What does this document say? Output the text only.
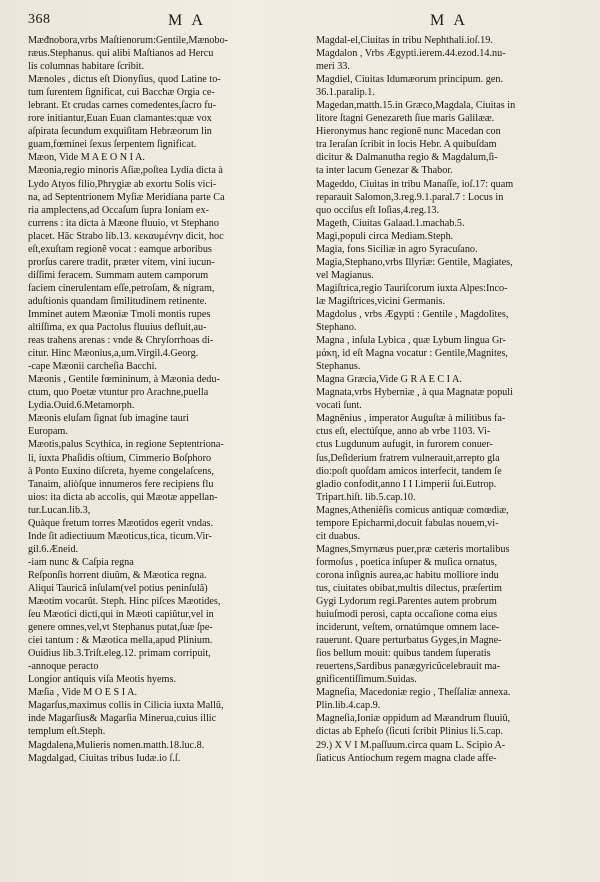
368	M A	M A
Mæᵭnobora,vrbs Maſtienorum:Gentile,Mænobo-
ræus.Stephanus. qui alibi Maſtianos ad Hercu
lis columnas habitare ſcribit.
Mænoles , dictus eſt Dionyſius, quod Latine to-
tum ſurentem ſignificat, cui Bacchæ Orgia ce-
lebrant. Et crudas carnes comedentes,ſacro fu-
rore initiantur,Euan Euan clamantes:quæ vox
aſpirata ſecundum exquiſitam Hebræorum lin
guam,fœminei ſexus ſerpentem ſignificat.
Mæon, Vide M A E O N I A.
Mæonia,regio minoris Aſiæ,poſtea Lydia dicta à
Lydo Atyos filio,Phrygiæ ab exortu Solis vici-
na, ad Septentrionem Myſiæ Meridiana parte Ca
ria amplectens,ad Occaſum ſupra Ioniam ex-
currens : ita dicta à Mæone fluuio, vt Stephano
placet. Hãc Strabo lib.13. κεκαυμένην dicit, hoc
eſt,exuſtam regionẽ vocat : eamque arboribus
prorſus carere tradit, præter vitem, vini iucun-
diſſimi feracem. Summam autem camporum
faciem cinerulentam eſſe,petroſam, & nigram,
aduſtionis quandam ſimilitudinem retinente.
Imminet autem Mæoniæ Tmoli montis rupes
altiſſima, ex qua Pactolus fluuius defluit,au-
reas trahens arenas : vnde & Chryſorrhoas di-
citur. Hinc Mæonius,a,um.Virgil.4.Georg.
-cape Mæonii carcheſia Bacchi.
Mæonis , Gentile fœmininum, à Mæonia dedu-
ctum, quo Poetæ vtuntur pro Arachne,puella
Lydia.Ouid.6.Metamorph.
Mæonis eluſam ſignat ſub imagine tauri
Europam.
Mæotis,palus Scythica, in regione Septentriona-
li, iuxta Phaſidis oſtium, Cimmerio Boſphoro
à Ponto Euxino diſcreta, hyeme congelaſcens,
Tanaim, aliòſque innumeros fere recipiens flu
uios: ita dicta ab accolis, qui Mæotæ appellan-
tur.Lucan.lib.3,
Quàque fretum torres Mæotidos egerit vndas.
Inde ſit adiectiuum Mæoticus,tica, ticum.Vir-
gil.6.Æneid.
-iam nunc & Caſpia regna
Reſponſis horrent diuûm, & Mæotica regna.
Aliqui Tauricã inſulam(vel potius peninſulã)
Mæotim vocarũt. Steph. Hinc piſces Mæotides,
ſeu Mæotici dicti,qui in Mæoti capiũtur,vel in
genere omnes,vel,vt Stephanus putat,ſuæ ſpe-
ciei tantum : & Mæotica mella,apud Plinium.
Ouidius lib.3.Triſt.eleg.12. primam corripuit,
-annoque peracto
Longior antiquis viſa Meotis hyems.
Mæſia , Vide M O E S I A.
Magarſus,maximus collis in Cilicia iuxta Mallũ,
inde Magarſius& Magarſia Minerua,cuius illic
templum eſt.Steph.
Magdalena,Mulieris nomen.matth.18.luc.8.
Magdalgad, Ciuitas tribus Iudæ.io ſ.ſ.
Magdal-el,Ciuitas in tribu Nephthali.ioſ.19.
Magdalon , Vrbs Ægypti.ierem.44.ezod.14.nu-
meri 33.
Magdiel, Ciuitas Idumæorum principum. gen.
36.1.paralip.1.
Magedan,matth.15.in Græco,Magdala, Ciuitas in
litore ſtagni Genezareth ſiue maris Galilææ.
Hieronymus hanc regionẽ nunc Macedan con
tra Ieraſan ſcribit in locis Hebr. A quibuſdam
dicitur & Dalmanutha regio & Magdalum,ſi-
ta inter lacum Genezar & Thabor.
Mageddo, Ciuitas in tribu Manaſſe, ioſ.17: quam
reparauit Salomon,3.reg.9.1.paral.7 : Locus in
quo occiſus eſt Ioſias,4.reg.13.
Mageth, Ciuitas Galaad.1.machab.5.
Magi,populi circa Mediam.Steph.
Magia, fons Siciliæ in agro Syracuſano.
Magia,Stephano,vrbs Illyriæ: Gentile, Magiates,
vel Magianus.
Magiſtrica,regio Tauriſcorum iuxta Alpes:Inco-
læ Magiſtrices,vicini Germanis.
Magdolus , vrbs Ægypti : Gentile , Magdolites,
Stephano.
Magna , inſula Lybica , quæ Lybum lingua Gr-
μάκη, id eſt Magna vocatur : Gentile,Magnites,
Stephanus.
Magna Græcia,Vide G R A E C I A.
Magnata,vrbs Hyberniæ , à qua Magnatæ populi
vocati ſunt.
Magnẽnius , imperator Auguſtæ à militibus fa-
ctus eſt, electúſque, anno ab vrbe 1103. Vi-
ctus Lugdunum aufugit, in furorem conuer-
ſus,Deſiderium fratrem vulnerauit,arrepto gla
dio:poſt quoſdam amicos interfecit, tandem ſe
gladio confodit,anno I I I.imperii ſui.Eutrop.
Tripart.hiſt. lib.5.cap.10.
Magnes,Atheniẽſis comicus antiquæ comœdiæ,
tempore Epicharmi,docuit fabulas nouem,vi-
cit duabus.
Magnes,Smyrnæus puer,præ cæteris mortalibus
formoſus , poetica inſuper & muſica ornatus,
corona inſignis aurea,ac habitu molliore indu
tus, ciuitates obibat,multis dilectus, præſertim
Gygi Lydorum regi.Parentes autem probrum
huiuſmodi perosi, capta occaſione coma eius
inciderunt, veſtem, ornatúmque omnem lace-
rauerunt. Quare perturbatus Gyges,in Magne-
ſios bellum mouit: quibus tandem ſuperatis
reuertens,Sardibus panægyricũcelebrauit ma-
gnificentiſſimum.Suidas.
Magneſia, Macedoniæ regio , Theſſaliæ annexa.
Plin.lib.4.cap.9.
Magneſia,Ioniæ oppidum ad Mæandrum fluuiũ,
dictas ab Epheſo (ſicuti ſcribit Plinius li.5.cap.
29.) X V I M.paſſuum.circa quam L. Scipio A-
ſiaticus Antiochum regem magna clade affe-
